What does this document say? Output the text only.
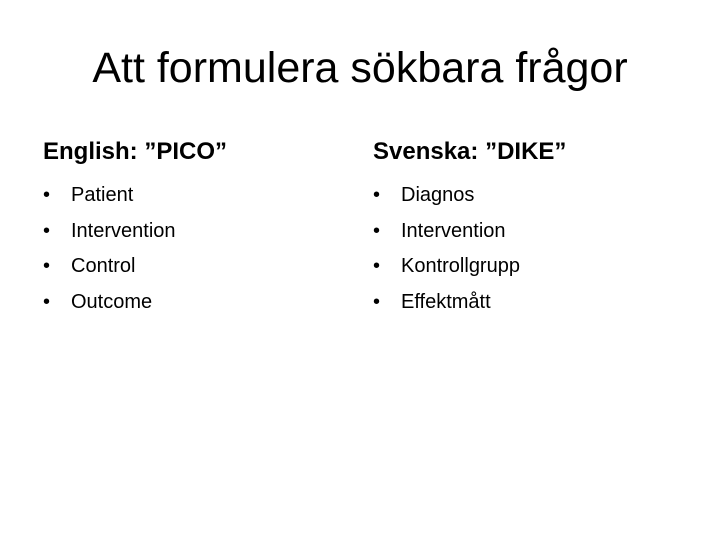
Att formulera sökbara frågor
English: ”PICO”
•	Patient
•	Intervention
•	Control
•	Outcome
Svenska: ”DIKE”
•	Diagnos
•	Intervention
•	Kontrollgrupp
•	Effektmått
